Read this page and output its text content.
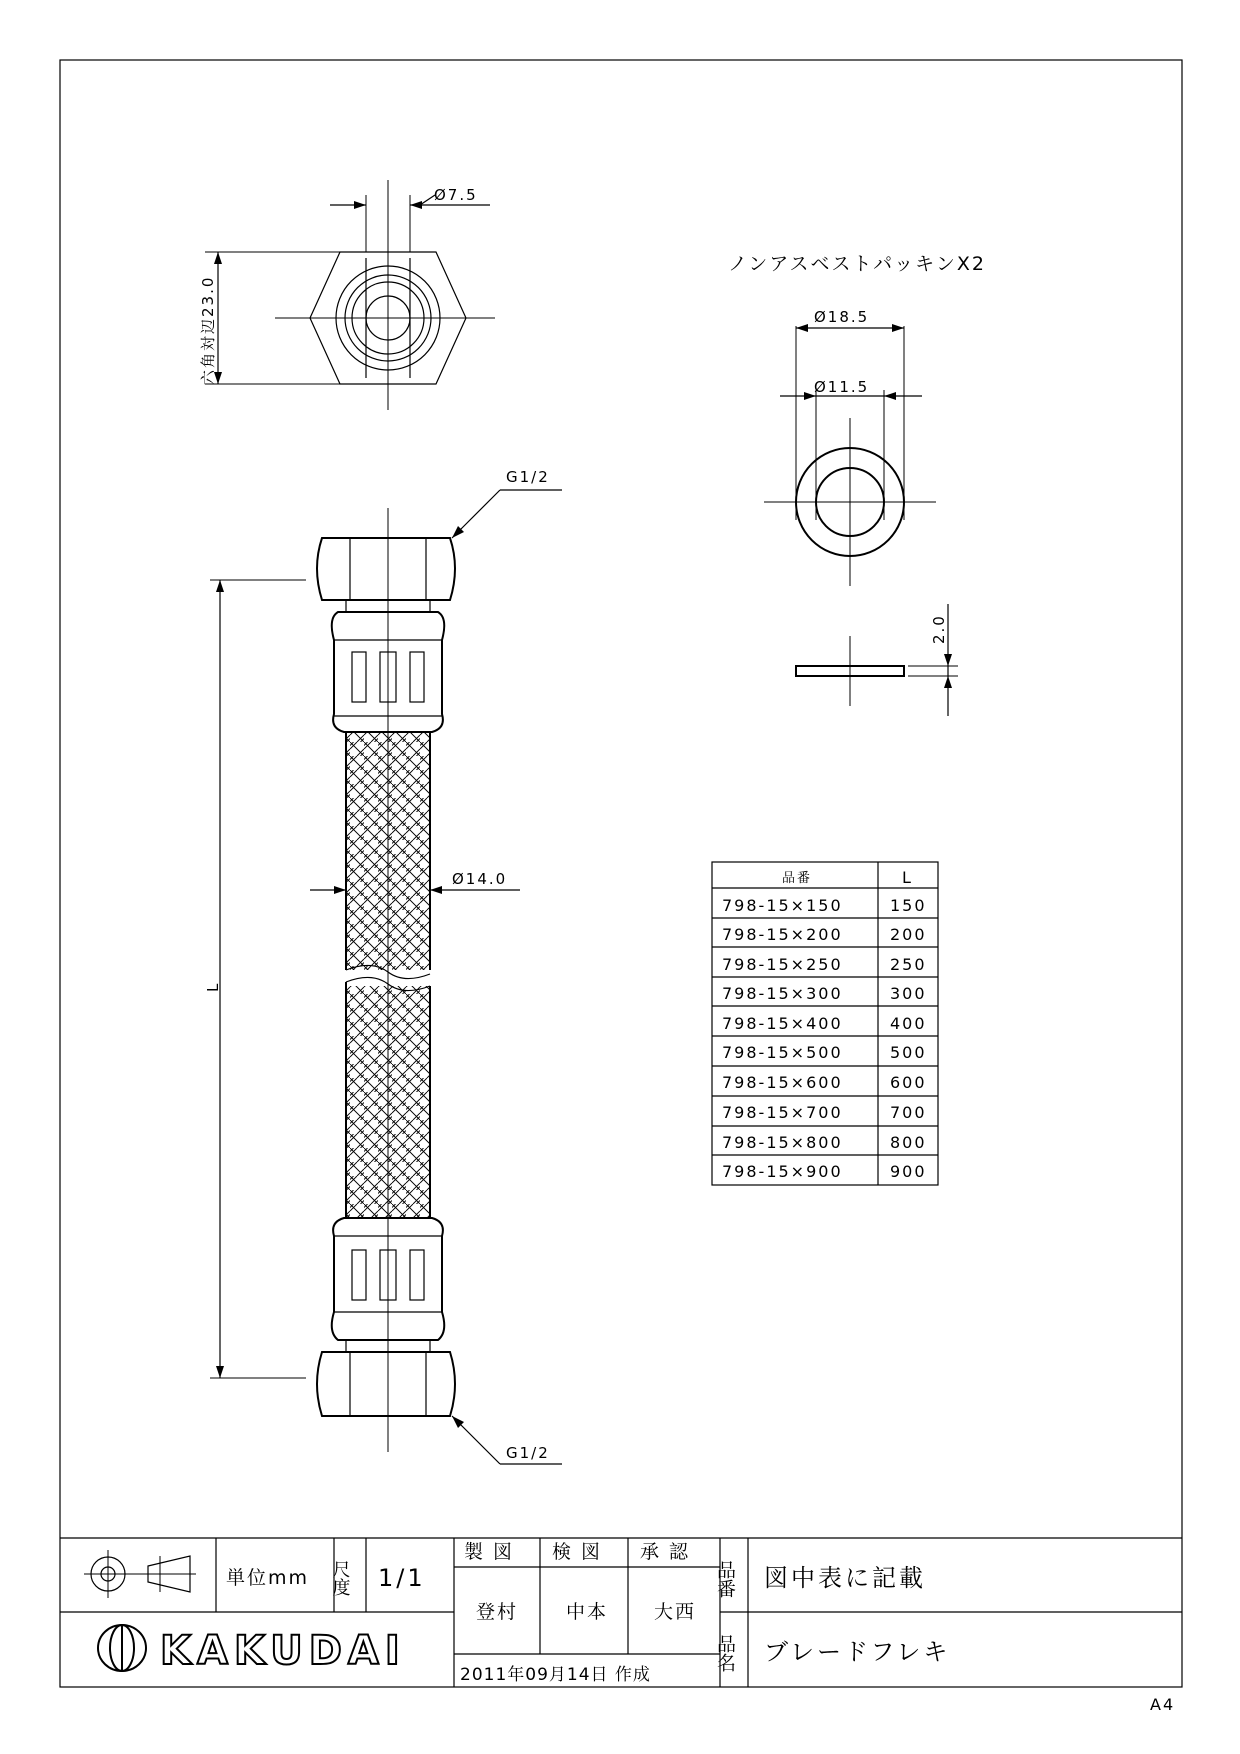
Ø7.5
六角対辺23.0
G1/2
G1/2
Ø14.0
L
ノンアスベストパッキンX2
Ø18.5
Ø11.5
2.0
品番	L
798-15×150	150
798-15×200	200
798-15×250	250
798-15×300	300
798-15×400	400
798-15×500	500
798-15×600	600
798-15×700	700
798-15×800	800
798-15×900	900
単位mm 尺度 1/1
製 図 検 図 承 認
登村	中本 大西
2011年09月14日 作成
品番 図中表に記載
品名 ブレードフレキ
KAKUDAI
A4
